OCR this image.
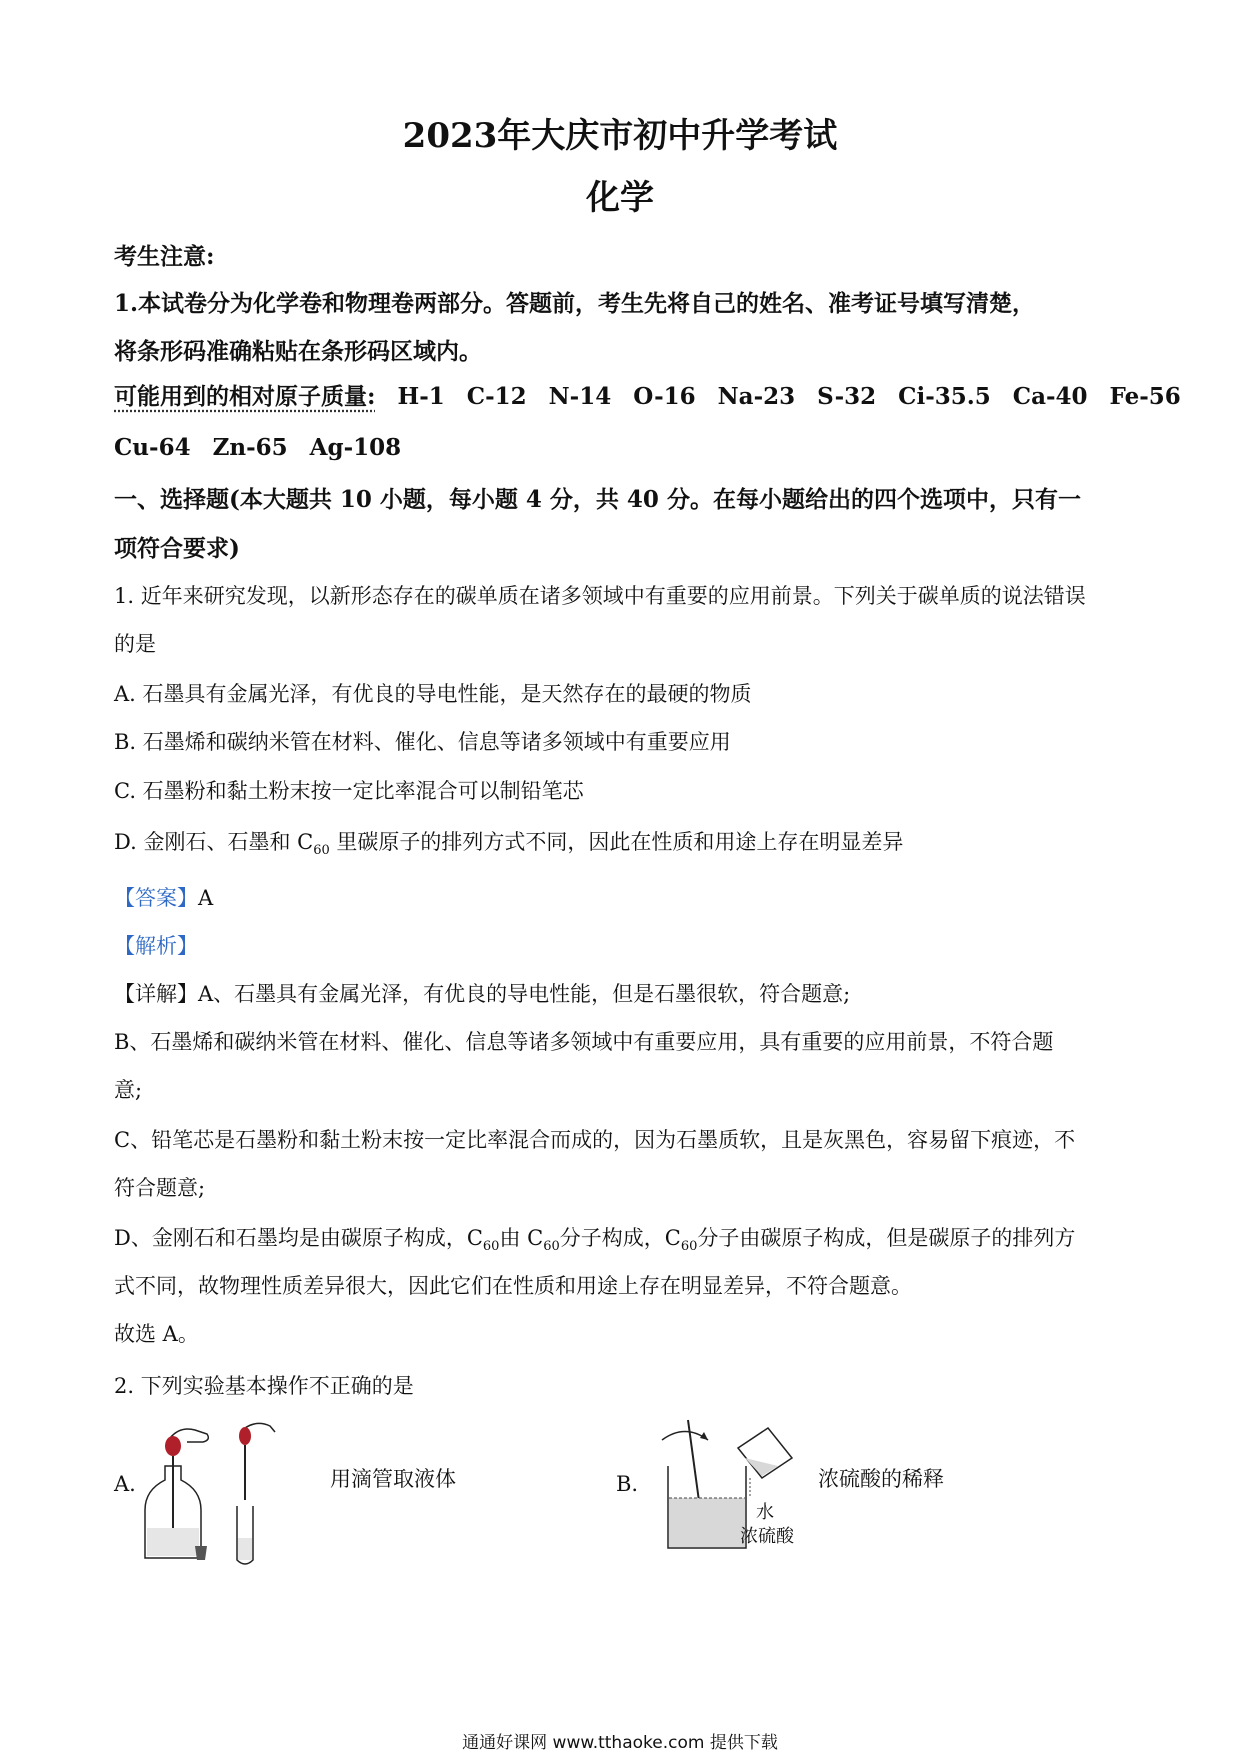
2023年大庆市初中升学考试
化学
考生注意:
1.本试卷分为化学卷和物理卷两部分。答题前，考生先将自己的姓名、准考证号填写清楚，
将条形码准确粘贴在条形码区域内。
可能用到的相对原子质量: H-1 C-12 N-14 O-16 Na-23 S-32 Ci-35.5 Ca-40 Fe-56
Cu-64 Zn-65 Ag-108
一、选择题(本大题共 10 小题，每小题 4 分，共 40 分。在每小题给出的四个选项中，只有一
项符合要求)
1. 近年来研究发现，以新形态存在的碳单质在诸多领域中有重要的应用前景。下列关于碳单质的说法错误
的是
A. 石墨具有金属光泽，有优良的导电性能，是天然存在的最硬的物质
B. 石墨烯和碳纳米管在材料、催化、信息等诸多领域中有重要应用
C. 石墨粉和黏土粉末按一定比率混合可以制铅笔芯
D. 金刚石、石墨和 $C_{60}$ 里碳原子的排列方式不同，因此在性质和用途上存在明显差异
【答案】A
【解析】
【详解】A、石墨具有金属光泽，有优良的导电性能，但是石墨很软，符合题意;
B、石墨烯和碳纳米管在材料、催化、信息等诸多领域中有重要应用，具有重要的应用前景，不符合题
意;
C、铅笔芯是石墨粉和黏土粉末按一定比率混合而成的，因为石墨质软，且是灰黑色，容易留下痕迹，不
符合题意;
D、金刚石和石墨均是由碳原子构成，$C_{60}$由 $C_{60}$分子构成，$C_{60}$分子由碳原子构成，但是碳原子的排列方
式不同，故物理性质差异很大，因此它们在性质和用途上存在明显差异，不符合题意。
故选 A。
2. 下列实验基本操作不正确的是
A.	用滴管取液体	B.
水
浓硫酸
浓硫酸的稀释
通通好课网 www.tthaoke.com 提供下载
